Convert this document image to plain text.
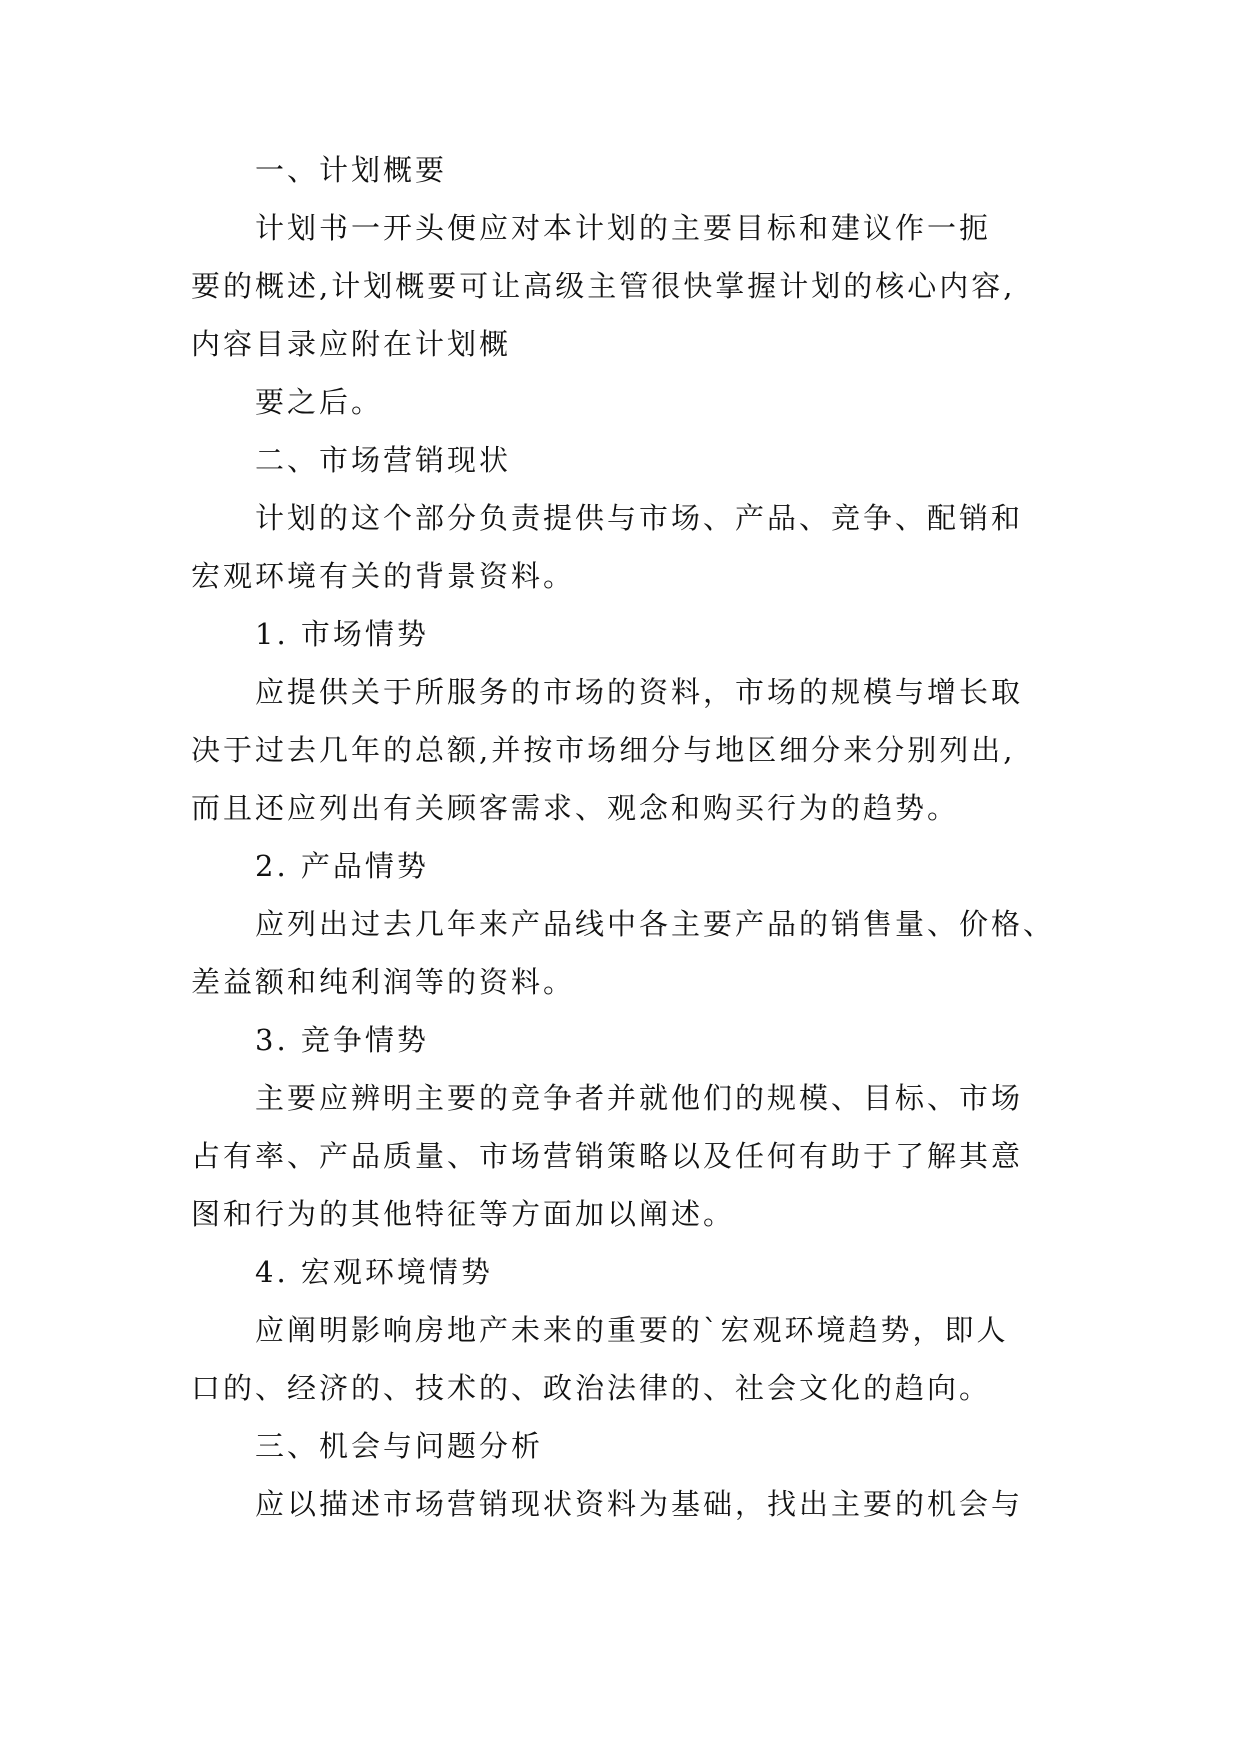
一、计划概要
计划书一开头便应对本计划的主要目标和建议作一扼
要的概述,计划概要可让高级主管很快掌握计划的核心内容,
内容目录应附在计划概
要之后。
二、市场营销现状
计划的这个部分负责提供与市场、产品、竞争、配销和
宏观环境有关的背景资料。
1. 市场情势
应提供关于所服务的市场的资料，市场的规模与增长取
决于过去几年的总额,并按市场细分与地区细分来分别列出,
而且还应列出有关顾客需求、观念和购买行为的趋势。
2. 产品情势
应列出过去几年来产品线中各主要产品的销售量、价格、
差益额和纯利润等的资料。
3. 竞争情势
主要应辨明主要的竞争者并就他们的规模、目标、市场
占有率、产品质量、市场营销策略以及任何有助于了解其意
图和行为的其他特征等方面加以阐述。
4. 宏观环境情势
应阐明影响房地产未来的重要的`宏观环境趋势，即人
口的、经济的、技术的、政治法律的、社会文化的趋向。
三、机会与问题分析
应以描述市场营销现状资料为基础，找出主要的机会与
